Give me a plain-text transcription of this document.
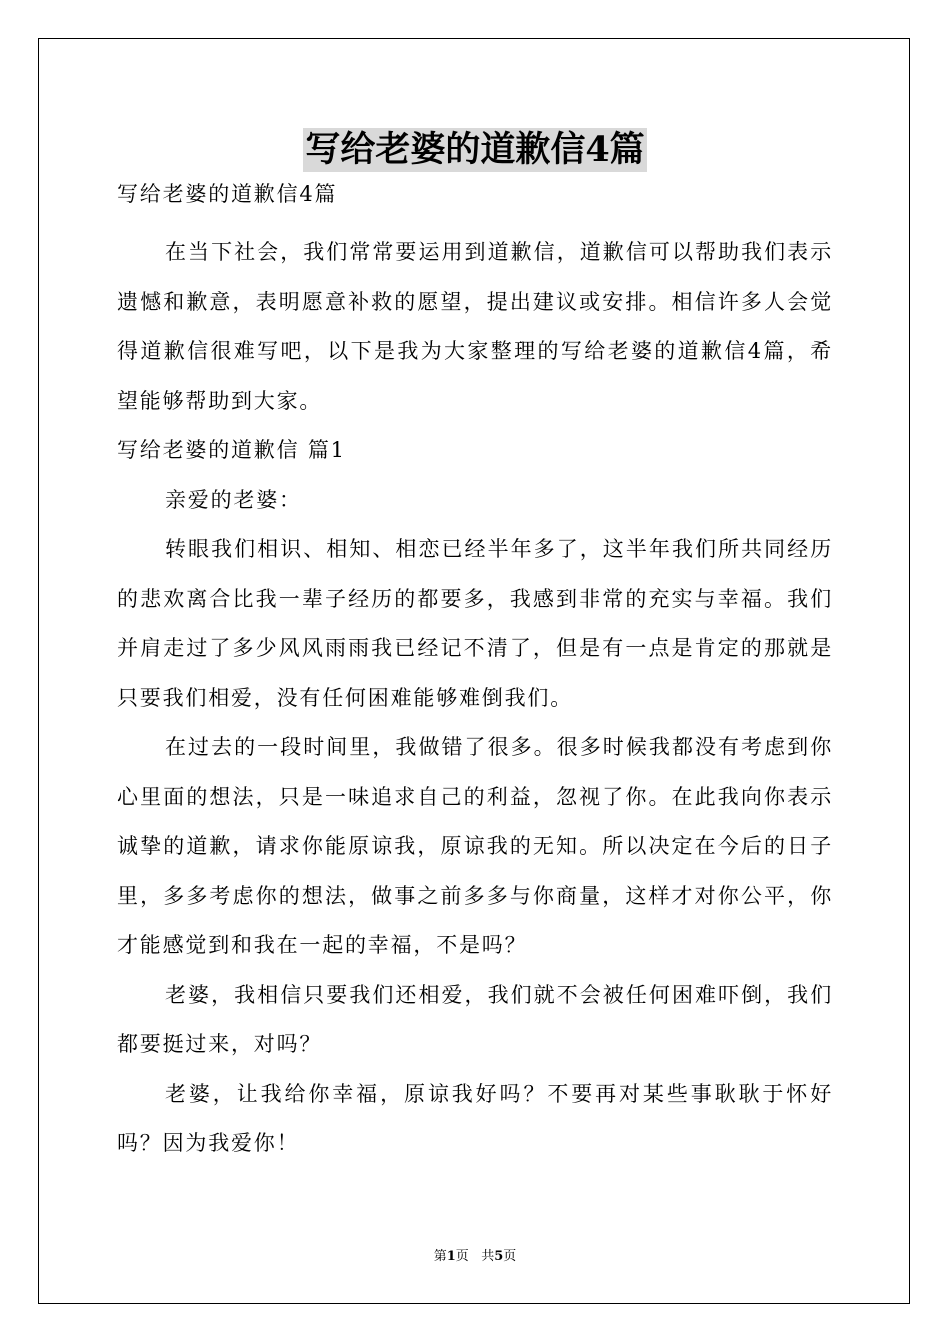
写给老婆的道歉信4篇

写给老婆的道歉信4篇

在当下社会，我们常常要运用到道歉信，道歉信可以帮助我们表示遗憾和歉意，表明愿意补救的愿望，提出建议或安排。相信许多人会觉得道歉信很难写吧，以下是我为大家整理的写给老婆的道歉信4篇，希望能够帮助到大家。

写给老婆的道歉信 篇1

亲爱的老婆：

转眼我们相识、相知、相恋已经半年多了，这半年我们所共同经历的悲欢离合比我一辈子经历的都要多，我感到非常的充实与幸福。我们并肩走过了多少风风雨雨我已经记不清了，但是有一点是肯定的那就是只要我们相爱，没有任何困难能够难倒我们。

在过去的一段时间里，我做错了很多。很多时候我都没有考虑到你心里面的想法，只是一味追求自己的利益，忽视了你。在此我向你表示诚挚的道歉，请求你能原谅我，原谅我的无知。所以决定在今后的日子里，多多考虑你的想法，做事之前多多与你商量，这样才对你公平，你才能感觉到和我在一起的幸福，不是吗？

老婆，我相信只要我们还相爱，我们就不会被任何困难吓倒，我们都要挺过来，对吗？

老婆，让我给你幸福，原谅我好吗？不要再对某些事耿耿于怀好吗？因为我爱你！

第1页 共5页
